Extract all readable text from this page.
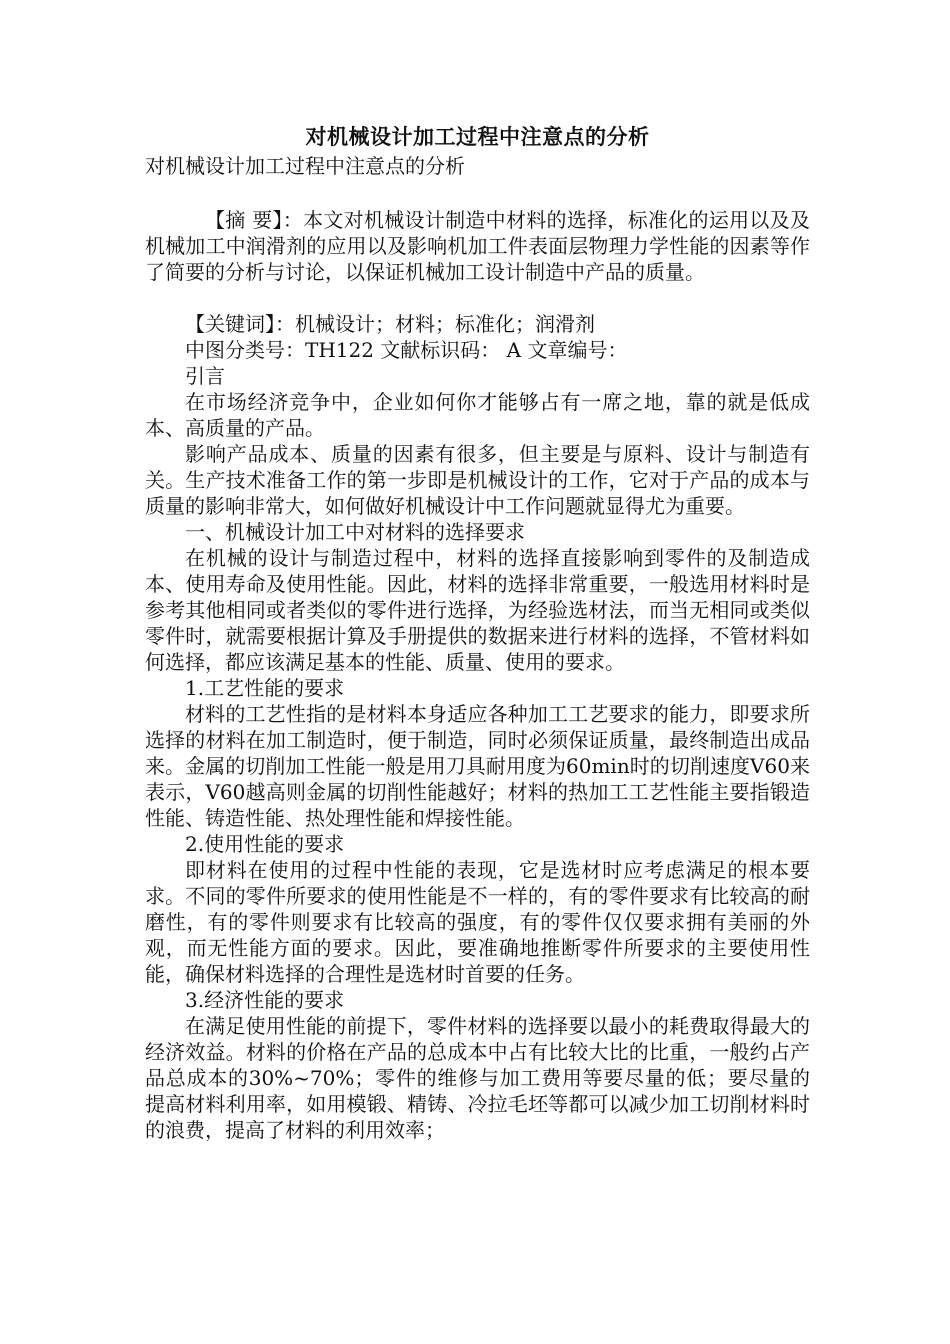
对机械设计加工过程中注意点的分析
对机械设计加工过程中注意点的分析

【摘 要】：本文对机械设计制造中材料的选择，标准化的运用以及及机械加工中润滑剂的应用以及影响机加工件表面层物理力学性能的因素等作了简要的分析与讨论，以保证机械加工设计制造中产品的质量。

【关键词】：机械设计；材料；标准化；润滑剂

中图分类号：TH122 文献标识码： A 文章编号：

引言

在市场经济竞争中，企业如何你才能够占有一席之地，靠的就是低成本、高质量的产品。

影响产品成本、质量的因素有很多，但主要是与原料、设计与制造有关。生产技术准备工作的第一步即是机械设计的工作，它对于产品的成本与质量的影响非常大，如何做好机械设计中工作问题就显得尤为重要。

一、机械设计加工中对材料的选择要求

在机械的设计与制造过程中，材料的选择直接影响到零件的及制造成本、使用寿命及使用性能。因此，材料的选择非常重要，一般选用材料时是参考其他相同或者类似的零件进行选择，为经验选材法，而当无相同或类似零件时，就需要根据计算及手册提供的数据来进行材料的选择，不管材料如何选择，都应该满足基本的性能、质量、使用的要求。

1.工艺性能的要求

材料的工艺性指的是材料本身适应各种加工工艺要求的能力，即要求所选择的材料在加工制造时，便于制造，同时必须保证质量，最终制造出成品来。金属的切削加工性能一般是用刀具耐用度为60min时的切削速度V60来表示，V60越高则金属的切削性能越好；材料的热加工工艺性能主要指锻造性能、铸造性能、热处理性能和焊接性能。

2.使用性能的要求

即材料在使用的过程中性能的表现，它是选材时应考虑满足的根本要求。不同的零件所要求的使用性能是不一样的，有的零件要求有比较高的耐磨性，有的零件则要求有比较高的强度，有的零件仅仅要求拥有美丽的外观，而无性能方面的要求。因此，要准确地推断零件所要求的主要使用性能，确保材料选择的合理性是选材时首要的任务。

3.经济性能的要求

在满足使用性能的前提下，零件材料的选择要以最小的耗费取得最大的经济效益。材料的价格在产品的总成本中占有比较大比的比重，一般约占产品总成本的30%~70%；零件的维修与加工费用等要尽量的低；要尽量的提高材料利用率，如用模锻、精铸、冷拉毛坯等都可以减少加工切削材料时的浪费，提高了材料的利用效率；
